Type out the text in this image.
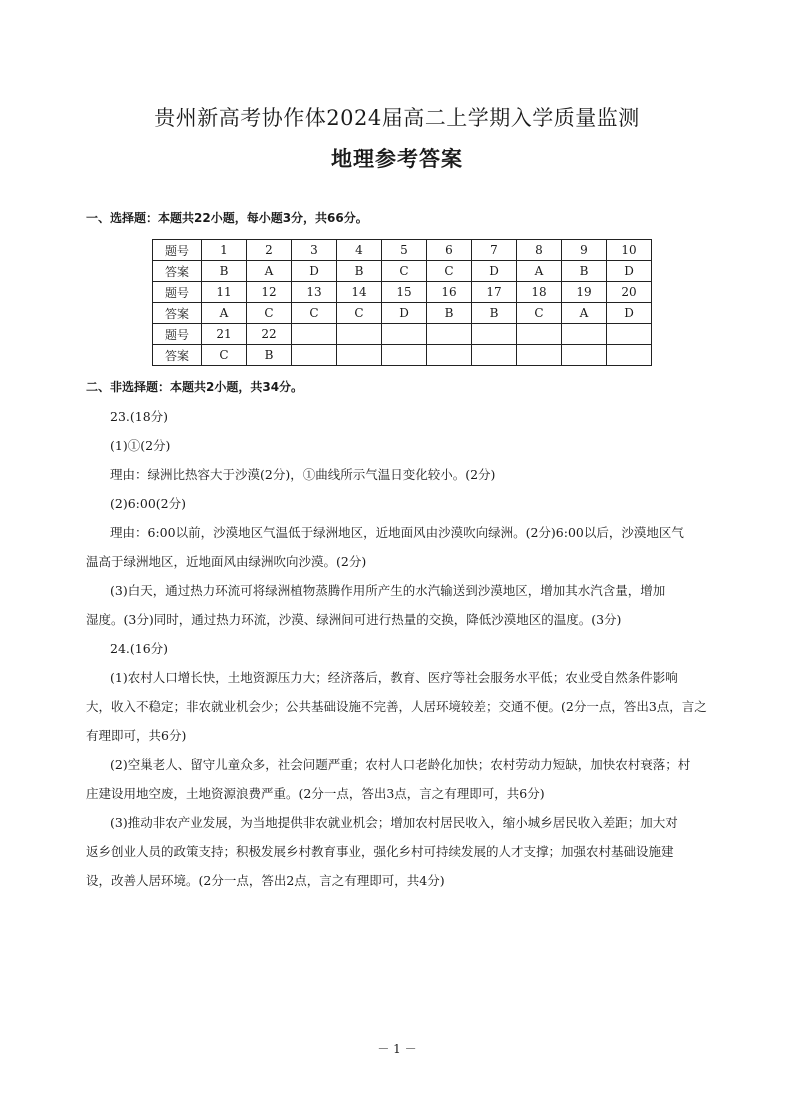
贵州新高考协作体2024届高二上学期入学质量监测
地理参考答案
一、选择题：本题共22小题，每小题3分，共66分。
题号	1	2	3	4	5	6	7	8	9	10
答案	B	A	D	B	C	C	D	A	B	D
题号	11	12	13	14	15	16	17	18	19	20
答案	A	C	C	C	D	B	B	C	A	D
题号	21	22								
答案	C	B								
二、非选择题：本题共2小题，共34分。
23.(18分)
(1)①(2分)
理由：绿洲比热容大于沙漠(2分)，①曲线所示气温日变化较小。(2分)
(2)6:00(2分)
理由：6:00以前，沙漠地区气温低于绿洲地区，近地面风由沙漠吹向绿洲。(2分)6:00以后，沙漠地区气
温高于绿洲地区，近地面风由绿洲吹向沙漠。(2分)
(3)白天，通过热力环流可将绿洲植物蒸腾作用所产生的水汽输送到沙漠地区，增加其水汽含量，增加
湿度。(3分)同时，通过热力环流，沙漠、绿洲间可进行热量的交换，降低沙漠地区的温度。(3分)
24.(16分)
(1)农村人口增长快，土地资源压力大；经济落后，教育、医疗等社会服务水平低；农业受自然条件影响
大，收入不稳定；非农就业机会少；公共基础设施不完善，人居环境较差；交通不便。(2分一点，答出3点，言之
有理即可，共6分)
(2)空巢老人、留守儿童众多，社会问题严重；农村人口老龄化加快；农村劳动力短缺，加快农村衰落；村
庄建设用地空废，土地资源浪费严重。(2分一点，答出3点，言之有理即可，共6分)
(3)推动非农产业发展，为当地提供非农就业机会；增加农村居民收入，缩小城乡居民收入差距；加大对
返乡创业人员的政策支持；积极发展乡村教育事业，强化乡村可持续发展的人才支撑；加强农村基础设施建
设，改善人居环境。(2分一点，答出2点，言之有理即可，共4分)
－ 1 －
